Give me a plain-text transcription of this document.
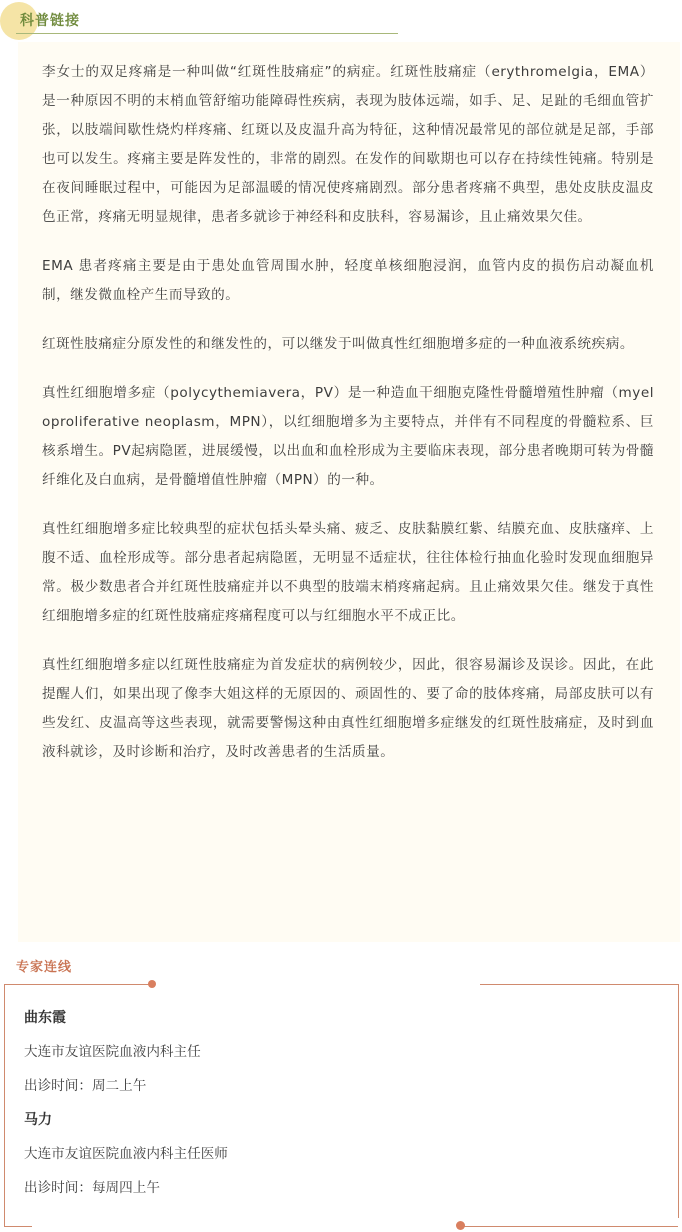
科普链接

李女士的双足疼痛是一种叫做“红斑性肢痛症”的病症。红斑性肢痛症（erythromelgia，EMA）是一种原因不明的末梢血管舒缩功能障碍性疾病，表现为肢体远端，如手、足、足趾的毛细血管扩张，以肢端间歇性烧灼样疼痛、红斑以及皮温升高为特征，这种情况最常见的部位就是足部，手部也可以发生。疼痛主要是阵发性的，非常的剧烈。在发作的间歇期也可以存在持续性钝痛。特别是在夜间睡眠过程中，可能因为足部温暖的情况使疼痛剧烈。部分患者疼痛不典型，患处皮肤皮温皮色正常，疼痛无明显规律，患者多就诊于神经科和皮肤科，容易漏诊，且止痛效果欠佳。

EMA 患者疼痛主要是由于患处血管周围水肿，轻度单核细胞浸润，血管内皮的损伤启动凝血机制，继发微血栓产生而导致的。

红斑性肢痛症分原发性的和继发性的，可以继发于叫做真性红细胞增多症的一种血液系统疾病。

真性红细胞增多症（polycythemiavera，PV）是一种造血干细胞克隆性骨髓增殖性肿瘤（myeloproliferative neoplasm，MPN），以红细胞增多为主要特点，并伴有不同程度的骨髓粒系、巨核系增生。PV起病隐匿，进展缓慢，以出血和血栓形成为主要临床表现，部分患者晚期可转为骨髓纤维化及白血病，是骨髓增值性肿瘤（MPN）的一种。

真性红细胞增多症比较典型的症状包括头晕头痛、疲乏、皮肤黏膜红紫、结膜充血、皮肤瘙痒、上腹不适、血栓形成等。部分患者起病隐匿，无明显不适症状，往往体检行抽血化验时发现血细胞异常。极少数患者合并红斑性肢痛症并以不典型的肢端末梢疼痛起病。且止痛效果欠佳。继发于真性红细胞增多症的红斑性肢痛症疼痛程度可以与红细胞水平不成正比。

真性红细胞增多症以红斑性肢痛症为首发症状的病例较少，因此，很容易漏诊及误诊。因此，在此提醒人们，如果出现了像李大姐这样的无原因的、顽固性的、要了命的肢体疼痛，局部皮肤可以有些发红、皮温高等这些表现，就需要警惕这种由真性红细胞增多症继发的红斑性肢痛症，及时到血液科就诊，及时诊断和治疗，及时改善患者的生活质量。

专家连线
曲东霞
大连市友谊医院血液内科主任
出诊时间：周二上午
马力
大连市友谊医院血液内科主任医师
出诊时间：每周四上午
